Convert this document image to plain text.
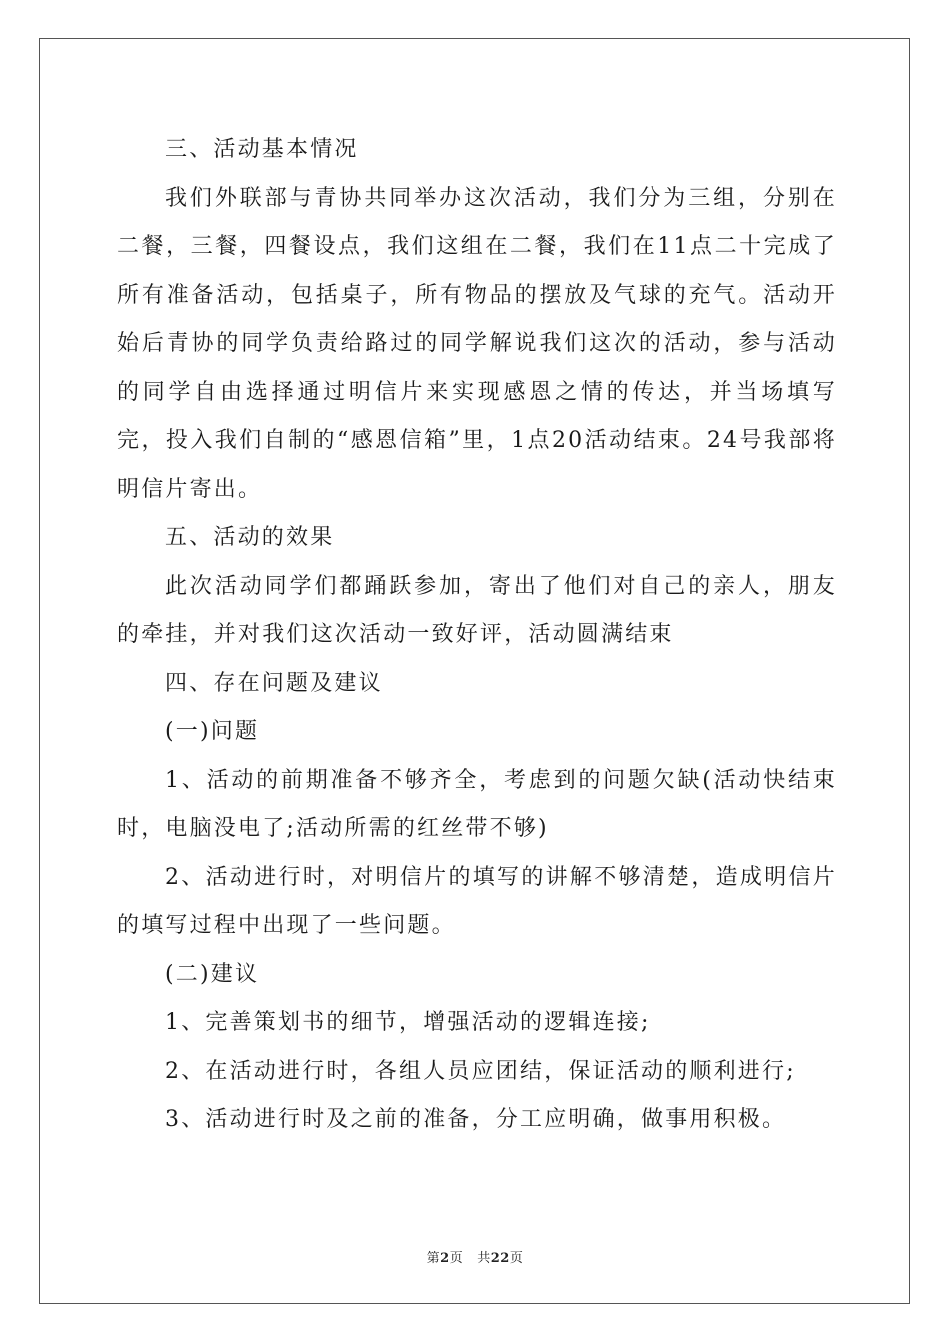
三、活动基本情况

我们外联部与青协共同举办这次活动，我们分为三组，分别在二餐，三餐，四餐设点，我们这组在二餐，我们在11点二十完成了所有准备活动，包括桌子，所有物品的摆放及气球的充气。活动开始后青协的同学负责给路过的同学解说我们这次的活动，参与活动的同学自由选择通过明信片来实现感恩之情的传达，并当场填写完，投入我们自制的“感恩信箱”里，1点20活动结束。24号我部将明信片寄出。

五、活动的效果

此次活动同学们都踊跃参加，寄出了他们对自己的亲人，朋友的牵挂，并对我们这次活动一致好评，活动圆满结束

四、存在问题及建议

(一)问题

1、活动的前期准备不够齐全，考虑到的问题欠缺(活动快结束时，电脑没电了;活动所需的红丝带不够)

2、活动进行时，对明信片的填写的讲解不够清楚，造成明信片的填写过程中出现了一些问题。

(二)建议

1、完善策划书的细节，增强活动的逻辑连接;

2、在活动进行时，各组人员应团结，保证活动的顺利进行;

3、活动进行时及之前的准备，分工应明确，做事用积极。

第2页 共22页
